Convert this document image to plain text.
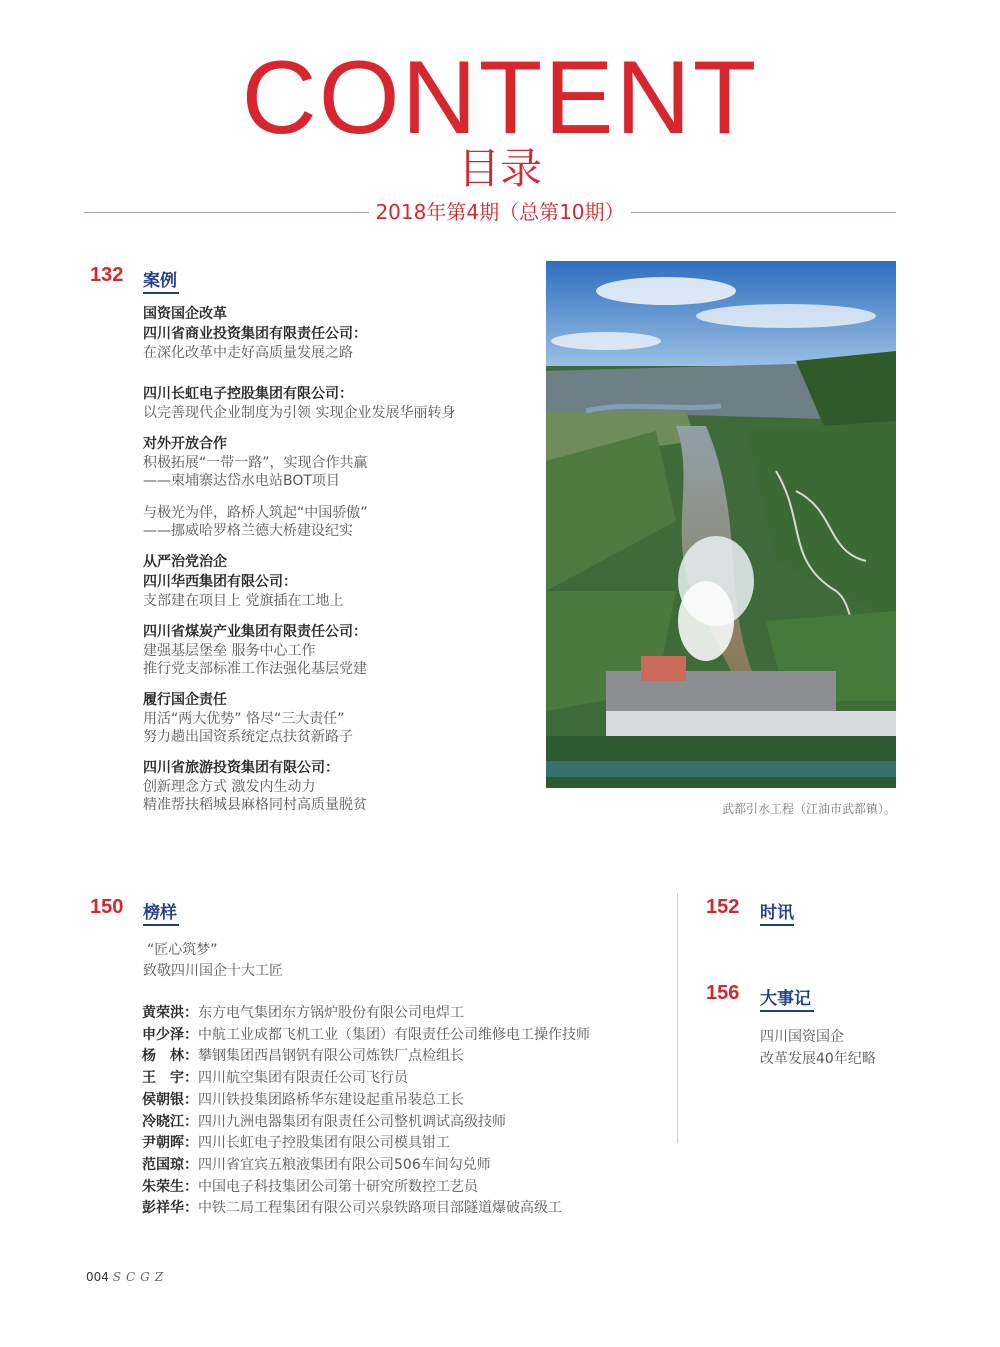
CONTENT
目录
2018年第4期（总第10期）
132 案例
国资国企改革
四川省商业投资集团有限责任公司：
在深化改革中走好高质量发展之路
四川长虹电子控股集团有限公司：
以完善现代企业制度为引领 实现企业发展华丽转身
对外开放合作
积极拓展“一带一路”，实现合作共赢
——柬埔寨达岱水电站BOT项目
与极光为伴，路桥人筑起“中国骄傲”
——挪威哈罗格兰德大桥建设纪实
从严治党治企
四川华西集团有限公司：
支部建在项目上 党旗插在工地上
四川省煤炭产业集团有限责任公司：
建强基层堡垒 服务中心工作
推行党支部标准工作法强化基层党建
履行国企责任
用活“两大优势” 恪尽“三大责任”
努力趟出国资系统定点扶贫新路子
四川省旅游投资集团有限公司：
创新理念方式 激发内生动力
精准帮扶稻城县麻格同村高质量脱贫	武都引水工程（江油市武都镇）。
150 榜样
“匠心筑梦”
致敬四川国企十大工匠
黄荣洪：东方电气集团东方锅炉股份有限公司电焊工
申少泽：中航工业成都飞机工业（集团）有限责任公司维修电工操作技师
杨　林：攀钢集团西昌钢钒有限公司炼铁厂点检组长
王　宇：四川航空集团有限责任公司飞行员
侯朝银：四川铁投集团路桥华东建设起重吊装总工长
冷晓江：四川九洲电器集团有限责任公司整机调试高级技师
尹朝晖：四川长虹电子控股集团有限公司模具钳工
范国琼：四川省宜宾五粮液集团有限公司506车间勾兑师
朱荣生：中国电子科技集团公司第十研究所数控工艺员
彭祥华：中铁二局工程集团有限公司兴泉铁路项目部隧道爆破高级工
152 时讯
156 大事记
四川国资国企
改革发展40年纪略
004 SCGZ
